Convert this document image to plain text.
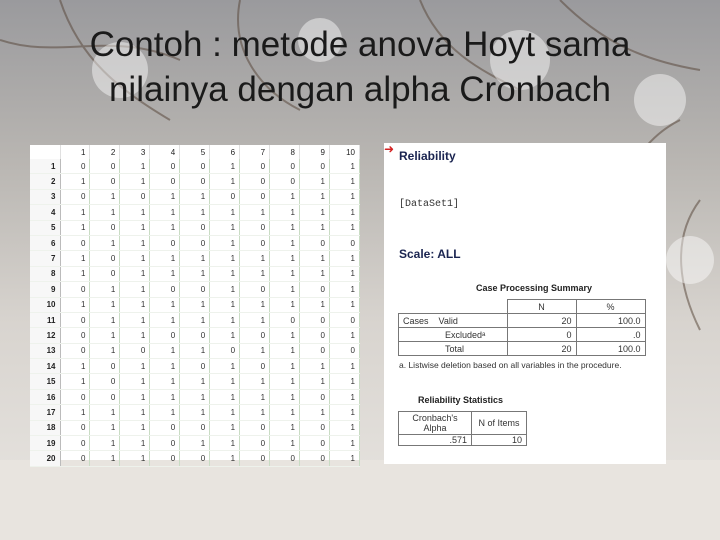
Contoh : metode anova Hoyt sama
nilainya dengan alpha Cronbach
	1	2	3	4	5	6	7	8	9	10
1	0	0	1	0	0	1	0	0	0	1
2	1	0	1	0	0	1	0	0	1	1
3	0	1	0	1	1	0	0	1	1	1
4	1	1	1	1	1	1	1	1	1	1
5	1	0	1	1	0	1	0	1	1	1
6	0	1	1	0	0	1	0	1	0	0
7	1	0	1	1	1	1	1	1	1	1
8	1	0	1	1	1	1	1	1	1	1
9	0	1	1	0	0	1	0	1	0	1
10	1	1	1	1	1	1	1	1	1	1
11	0	1	1	1	1	1	1	0	0	0
12	0	1	1	0	0	1	0	1	0	1
13	0	1	0	1	1	0	1	1	0	0
14	1	0	1	1	0	1	0	1	1	1
15	1	0	1	1	1	1	1	1	1	1
16	0	0	1	1	1	1	1	1	0	1
17	1	1	1	1	1	1	1	1	1	1
18	0	1	1	0	0	1	0	1	0	1
19	0	1	1	0	1	1	0	1	0	1
20	0	1	1	0	0	1	0	0	0	1
➜ Reliability
[DataSet1]
Scale: ALL
Case Processing Summary
	N	%
Cases Valid	20	100.0
Excludedᵃ	0	.0
Total	20	100.0
a. Listwise deletion based on all variables in the procedure.
Reliability Statistics
Cronbach's
Alpha	N of Items
.571	10
